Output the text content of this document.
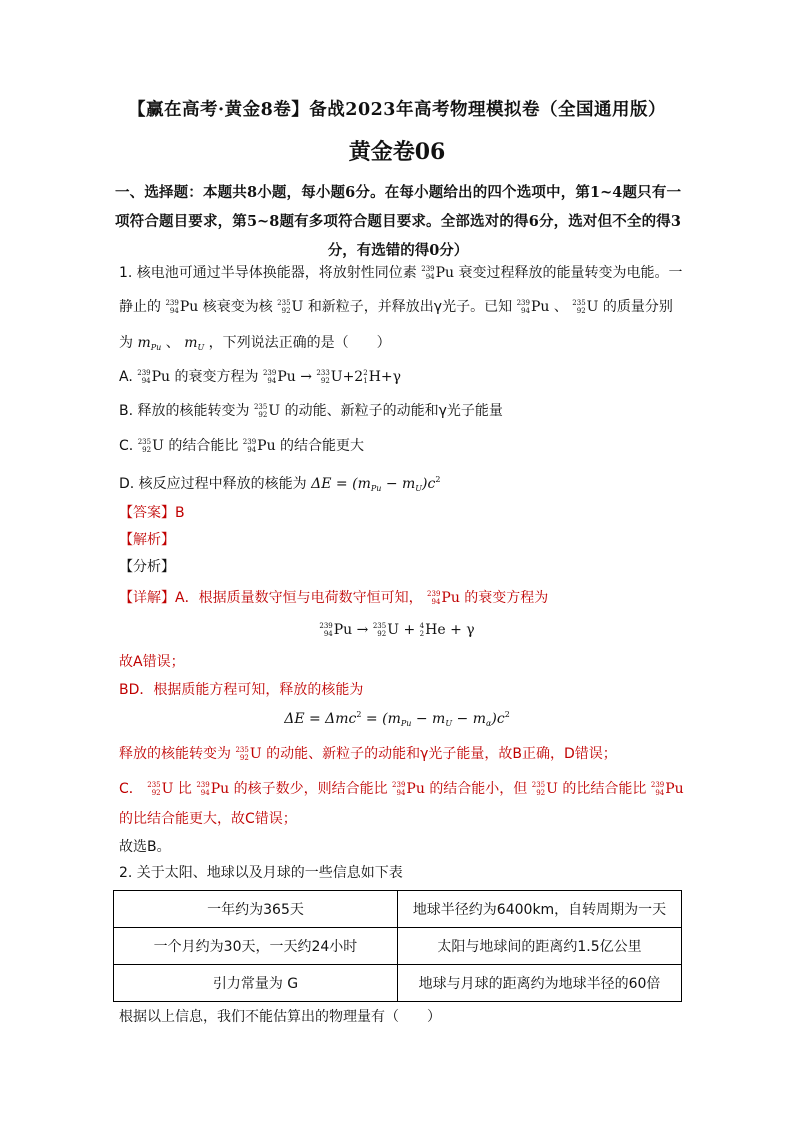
【赢在高考·黄金8卷】备战2023年高考物理模拟卷（全国通用版）
黄金卷06
一、选择题：本题共8小题，每小题6分。在每小题给出的四个选项中，第1~4题只有一项符合题目要求，第5~8题有多项符合题目要求。全部选对的得6分，选对但不全的得3分，有选错的得0分）
1. 核电池可通过半导体换能器，将放射性同位素 239
94 Pu 衰变过程释放的能量转变为电能。一
静止的 239
94 Pu 核衰变为核 235
92 U 和新粒子，并释放出γ光子。已知 239
94 Pu 、 235
92 U 的质量分别
为 $m_{Pu}$ 、 $m_U$ ，下列说法正确的是（　　）
A. 239
94 Pu 的衰变方程为 239
94 Pu → 233
92 U+2 2
1 H+γ
B. 释放的核能转变为 235
92 U 的动能、新粒子的动能和γ光子能量
C. 235
92 U 的结合能比 239
94 Pu 的结合能更大
D. 核反应过程中释放的核能为 $\Delta E = (m_{Pu} - m_U)c^2$
【答案】B
【解析】
【分析】
【详解】A．根据质量数守恒与电荷数守恒可知， 239
94 Pu 的衰变方程为
239
94 Pu → 235
92 U + 4
2 He + γ
故A错误；
BD．根据质能方程可知，释放的核能为
$\Delta E = \Delta mc^2 = (m_{Pu} - m_U - m_\alpha)c^2$
释放的核能转变为 235
92 U 的动能、新粒子的动能和γ光子能量，故B正确，D错误；
C． 235
92 U 比 239
94 Pu 的核子数少，则结合能比 239
94 Pu 的结合能小，但 235
92 U 的比结合能比 239
94 Pu
的比结合能更大，故C错误；
故选B。
2. 关于太阳、地球以及月球的一些信息如下表
一年约为365天	地球半径约为6400km，自转周期为一天
一个月约为30天，一天约24小时	太阳与地球间的距离约1.5亿公里
引力常量为 G	地球与月球的距离约为地球半径的60倍
根据以上信息，我们不能估算出的物理量有（　　）
